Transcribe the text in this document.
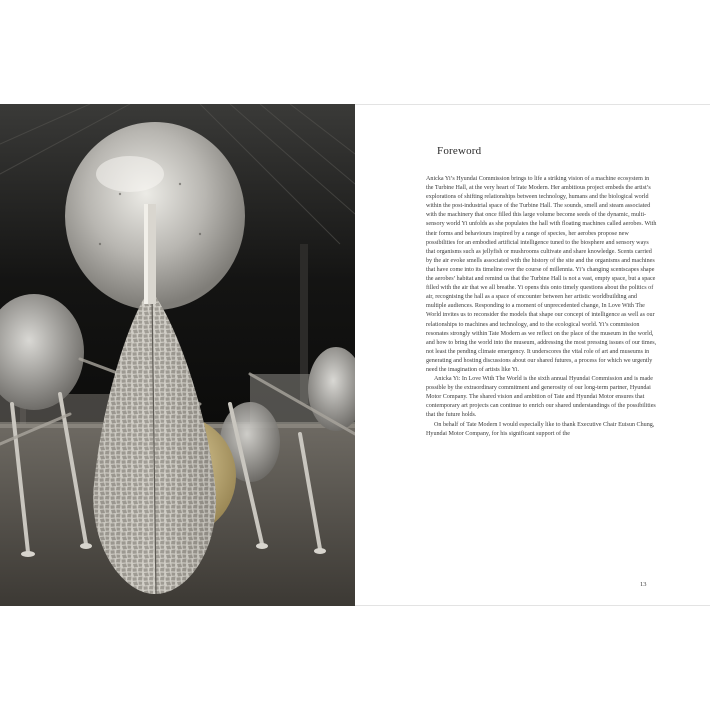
Foreword

Anicka Yi’s Hyundai Commission brings to life a striking vision of a machine ecosystem in the Turbine Hall, at the very heart of Tate Modern. Her ambitious project embeds the artist’s explorations of shifting relationships between technology, humans and the biological world within the post-industrial space of the Turbine Hall. The sounds, smell and steam associated with the machinery that once filled this large volume become seeds of the dynamic, multi-sensory world Yi unfolds as she populates the hall with floating machines called aerobes. With their forms and behaviours inspired by a range of species, her aerobes propose new possibilities for an embodied artificial intelligence tuned to the biosphere and sensory ways that organisms such as jellyfish or mushrooms cultivate and share knowledge. Scents carried by the air evoke smells associated with the history of the site and the organisms and machines that have come into its timeline over the course of millennia. Yi’s changing scentscapes shape the aerobes’ habitat and remind us that the Turbine Hall is not a vast, empty space, but a space filled with the air that we all breathe. Yi opens this onto timely questions about the politics of air, recognising the hall as a space of encounter between her artistic worldbuilding and multiple audiences. Responding to a moment of unprecedented change, In Love With The World invites us to reconsider the models that shape our concept of intelligence as well as our relationships to machines and technology, and to the ecological world. Yi’s commission resonates strongly within Tate Modern as we reflect on the place of the museum in the world, and how to bring the world into the museum, addressing the most pressing issues of our times, not least the pending climate emergency. It underscores the vital role of art and museums in generating and hosting discussions about our shared futures, a process for which we urgently need the imagination of artists like Yi.

Anicka Yi: In Love With The World is the sixth annual Hyundai Commission and is made possible by the extraordinary commitment and generosity of our long-term partner, Hyundai Motor Company. The shared vision and ambition of Tate and Hyundai Motor ensures that contemporary art projects can continue to enrich our shared understandings of the possibilities that the future holds.

On behalf of Tate Modern I would especially like to thank Executive Chair Euisun Chung, Hyundai Motor Company, for his significant support of the

13
